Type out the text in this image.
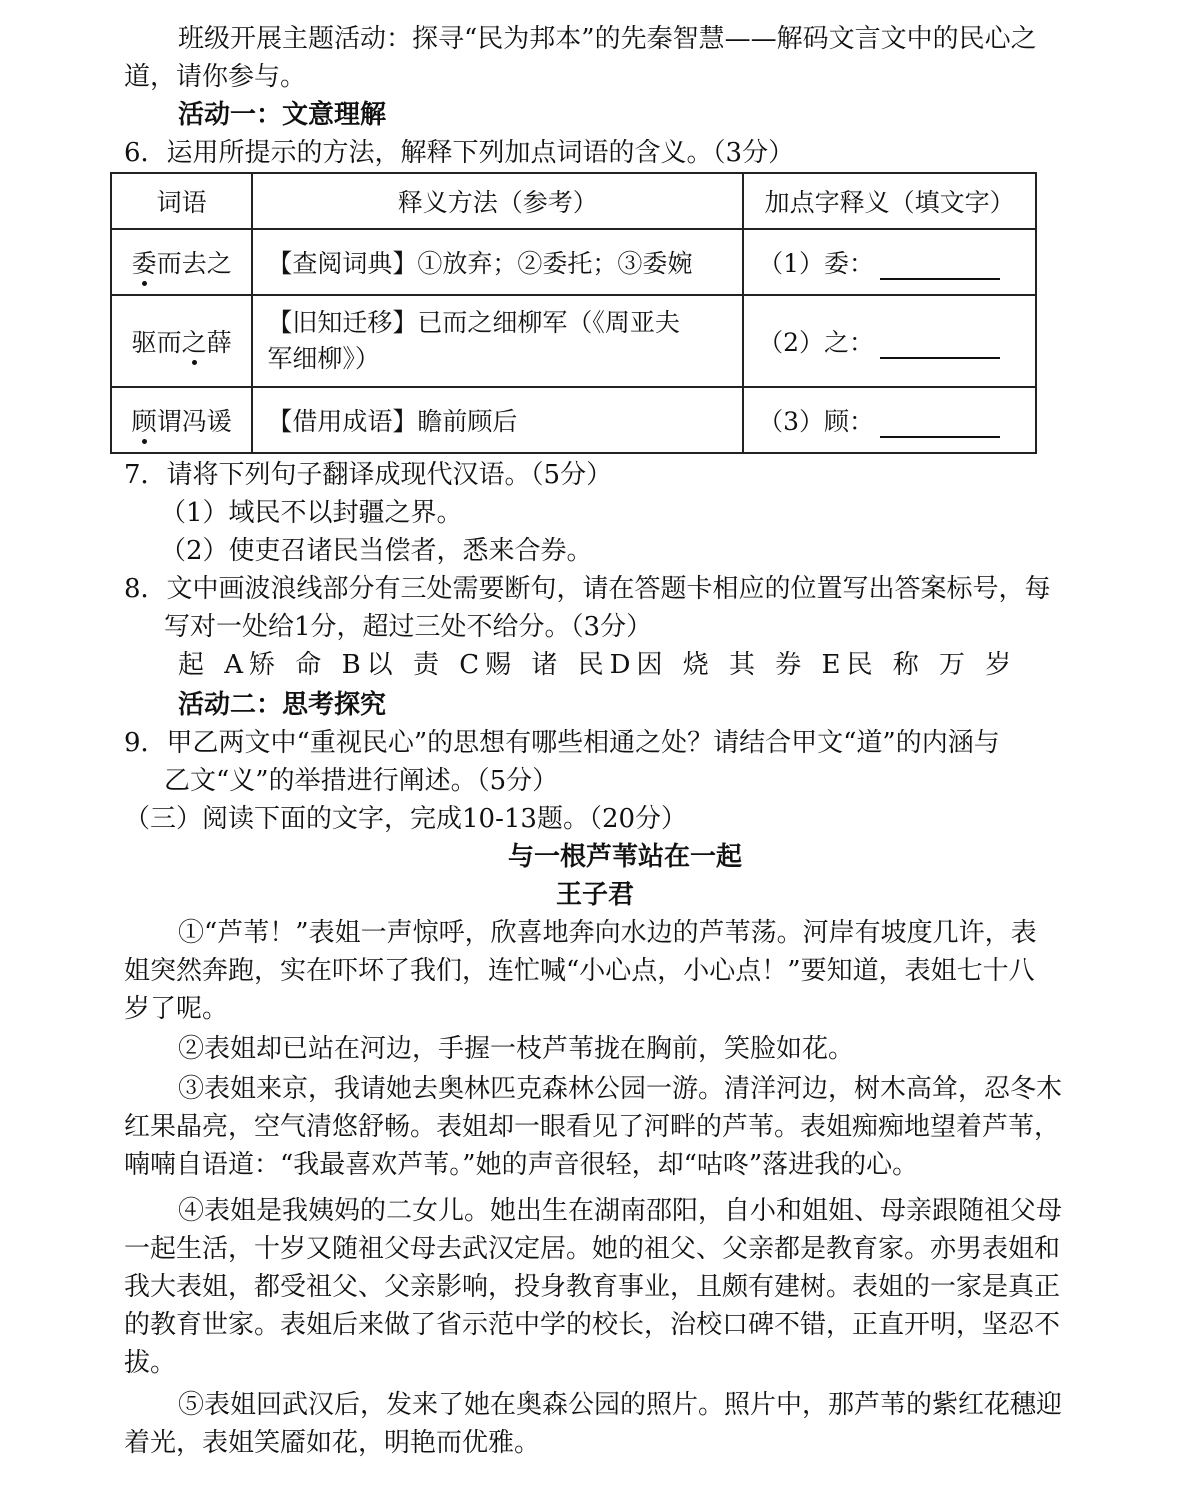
班级开展主题活动：探寻“民为邦本”的先秦智慧——解码文言文中的民心之
道，请你参与。
活动一：文意理解
6．运用所提示的方法，解释下列加点词语的含义。（3分）
词语	释义方法（参考）	加点字释义（填文字）
委而去之	【查阅词典】①放弃；②委托；③委婉	（1）委：
驱而之薛	【旧知迁移】已而之细柳军（《周亚夫
军细柳》）	（2）之：
顾谓冯谖	【借用成语】瞻前顾后	（3）顾：
7．请将下列句子翻译成现代汉语。（5分）
（1）域民不以封疆之界。
（2）使吏召诸民当偿者，悉来合券。
8．文中画波浪线部分有三处需要断句，请在答题卡相应的位置写出答案标号，每
写对一处给1分，超过三处不给分。（3分）
起 A矫 命 B以 责 C赐 诸 民D因 烧 其 券 E民 称 万 岁
活动二：思考探究
9．甲乙两文中“重视民心”的思想有哪些相通之处？请结合甲文“道”的内涵与
乙文“义”的举措进行阐述。（5分）
（三）阅读下面的文字，完成10-13题。（20分）
与一根芦苇站在一起
王子君
①“芦苇！”表姐一声惊呼，欣喜地奔向水边的芦苇荡。河岸有坡度几许，表
姐突然奔跑，实在吓坏了我们，连忙喊“小心点，小心点！”要知道，表姐七十八
岁了呢。
②表姐却已站在河边，手握一枝芦苇拢在胸前，笑脸如花。
③表姐来京，我请她去奥林匹克森林公园一游。清洋河边，树木高耸，忍冬木
红果晶亮，空气清悠舒畅。表姐却一眼看见了河畔的芦苇。表姐痴痴地望着芦苇，
喃喃自语道：“我最喜欢芦苇。”她的声音很轻，却“咕咚”落进我的心。
④表姐是我姨妈的二女儿。她出生在湖南邵阳，自小和姐姐、母亲跟随祖父母
一起生活，十岁又随祖父母去武汉定居。她的祖父、父亲都是教育家。亦男表姐和
我大表姐，都受祖父、父亲影响，投身教育事业，且颇有建树。表姐的一家是真正
的教育世家。表姐后来做了省示范中学的校长，治校口碑不错，正直开明，坚忍不
拔。
⑤表姐回武汉后，发来了她在奥森公园的照片。照片中，那芦苇的紫红花穗迎
着光，表姐笑靥如花，明艳而优雅。
